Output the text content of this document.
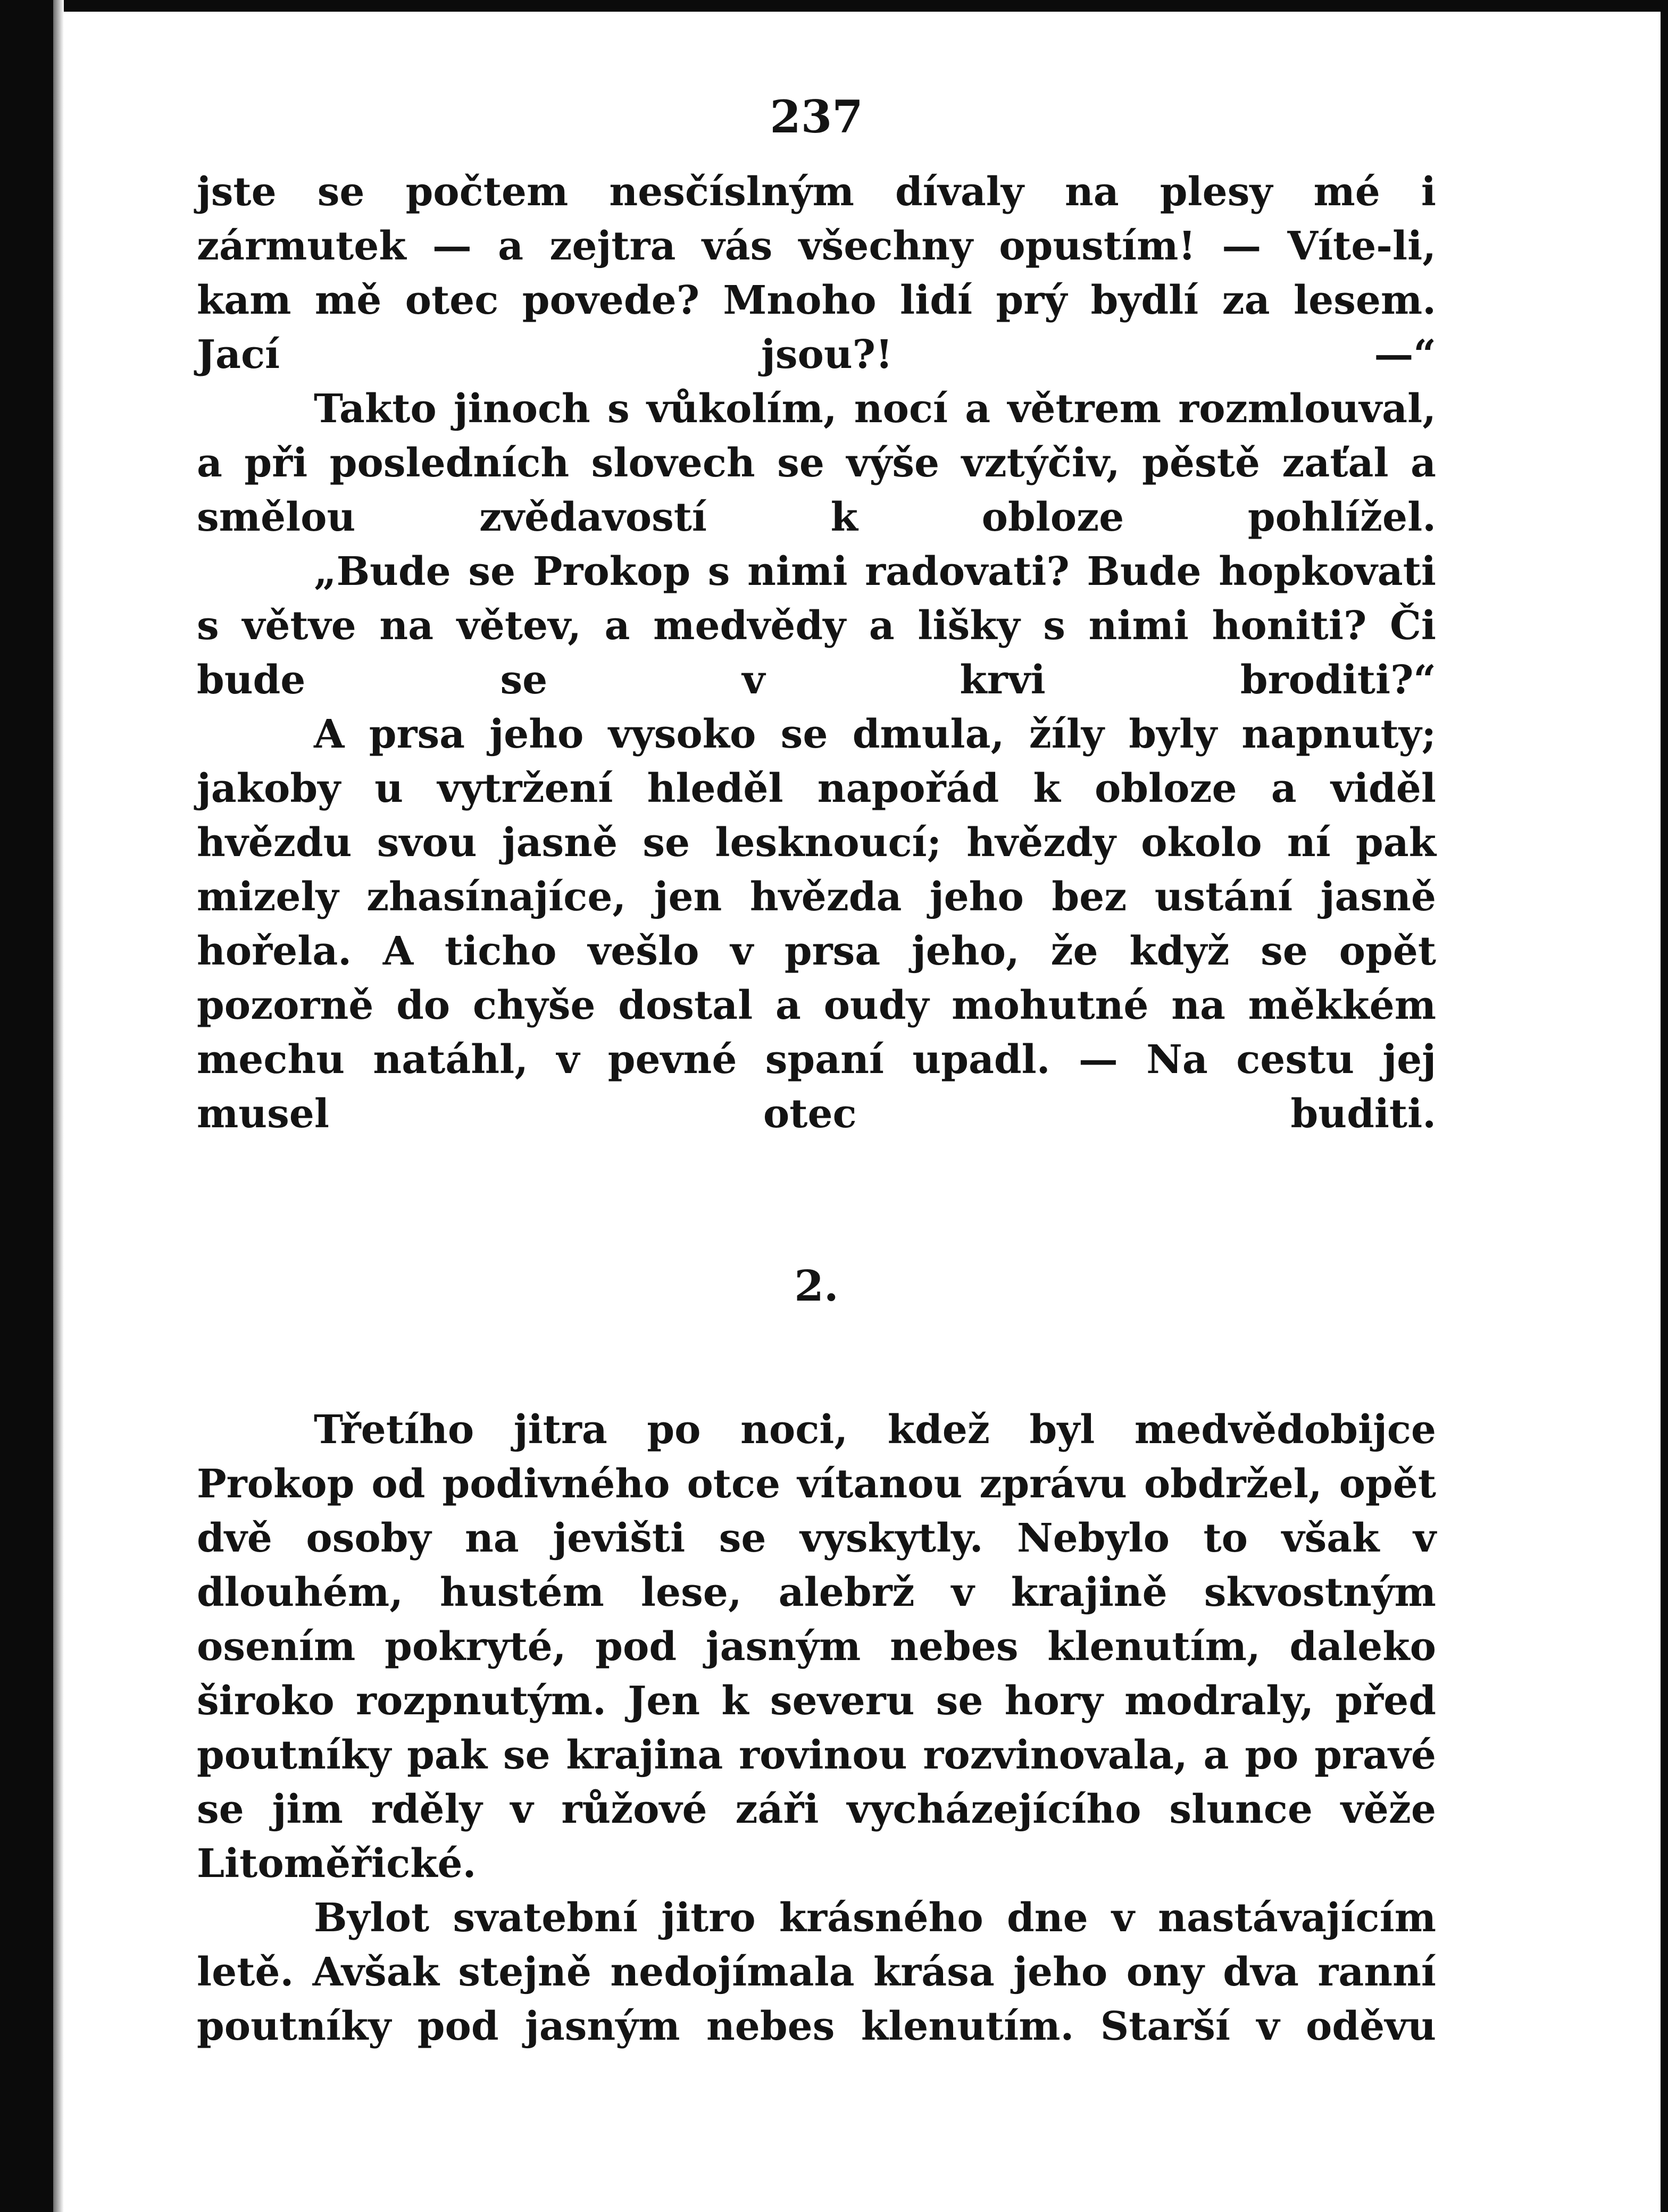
237

jste se počtem nesčíslným dívaly na plesy mé i zármutek — a zejtra vás všechny opustím! — Víte-li, kam mě otec povede? Mnoho lidí prý bydlí za lesem. Jací jsou?! —“

Takto jinoch s vůkolím, nocí a větrem rozmlouval, a při posledních slovech se výše vztýčiv, pěstě zaťal a smělou zvědavostí k obloze pohlížel.

„Bude se Prokop s nimi radovati? Bude hopkovati s větve na větev, a medvědy a lišky s nimi honiti? Či bude se v krvi broditi?“

A prsa jeho vysoko se dmula, žíly byly napnuty; jakoby u vytržení hleděl napořád k obloze a viděl hvězdu svou jasně se lesknoucí; hvězdy okolo ní pak mizely zhasínajíce, jen hvězda jeho bez ustání jasně hořela. A ticho vešlo v prsa jeho, že když se opět pozorně do chyše dostal a oudy mohutné na měkkém mechu natáhl, v pevné spaní upadl. — Na cestu jej musel otec buditi.

2.

Třetího jitra po noci, kdež byl medvědobijce Prokop od podivného otce vítanou zprávu obdržel, opět dvě osoby na jevišti se vyskytly. Nebylo to však v dlouhém, hustém lese, alebrž v krajině skvostným osením pokryté, pod jasným nebes klenutím, daleko široko rozpnutým. Jen k severu se hory modraly, před poutníky pak se krajina rovinou rozvinovala, a po pravé se jim rděly v růžové záři vycházejícího slunce věže Litoměřické.

Bylot svatební jitro krásného dne v nastávajícím letě. Avšak stejně nedojímala krása jeho ony dva ranní poutníky pod jasným nebes klenutím. Starší v oděvu
